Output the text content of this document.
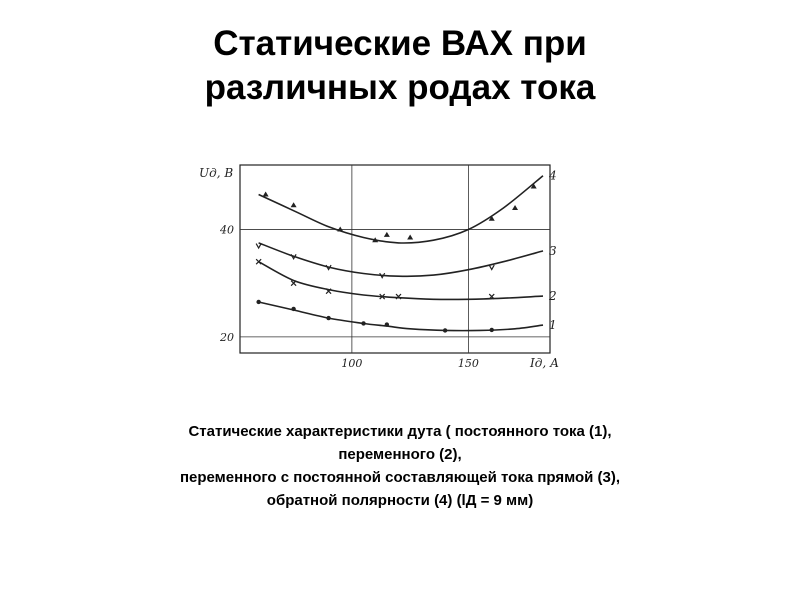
Статические ВАХ при
различных родах тока
100	150
20
40
1
2
3
4
Uд, В
Iд, А
Статические характеристики дута ( постоянного тока (1),
переменного (2),
переменного с постоянной составляющей тока прямой (3),
обратной полярности (4) (lД = 9 мм)
